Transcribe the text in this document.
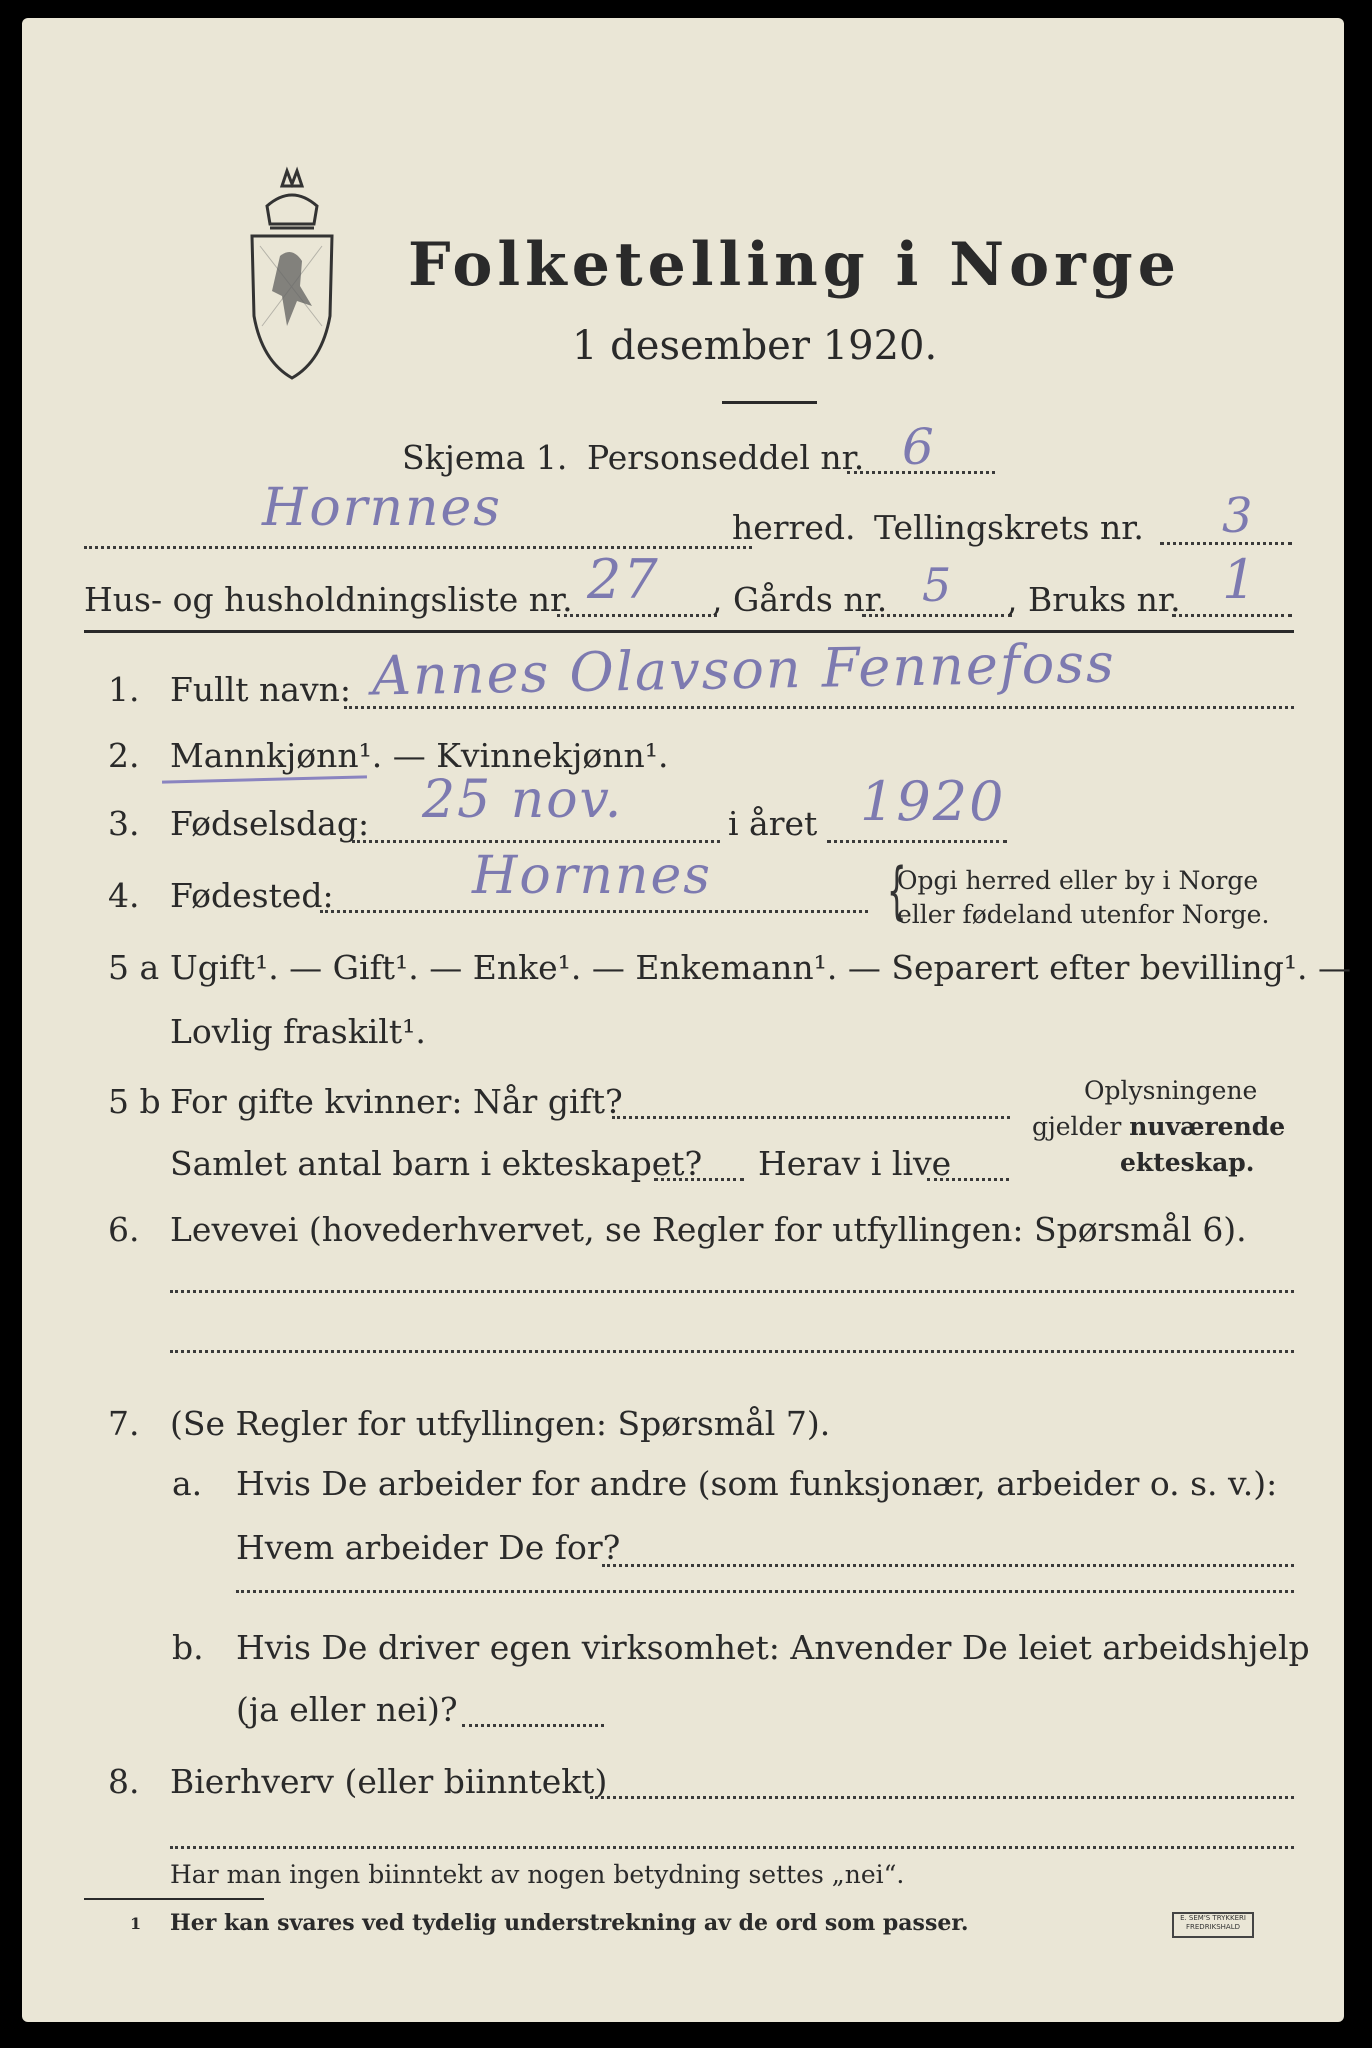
Folketelling i Norge
1 desember 1920.
Skjema 1. Personseddel nr. 6
Hornnes	herred. Tellingskrets nr. 3
Hus- og husholdningsliste nr. 27 , Gårds nr. 5 , Bruks nr. 1
1. Fullt navn: Annes Olavson Fennefoss
2. Mannkjønn¹. — Kvinnekjønn¹.
3. Fødselsdag: 25 nov.	i året 1920
4. Fødested:	Hornnes	{
Opgi herred eller by i Norge
eller fødeland utenfor Norge.
5 a Ugift¹. — Gift¹. — Enke¹. — Enkemann¹. — Separert efter bevilling¹. —
Lovlig fraskilt¹.
5 b For gifte kvinner: Når gift?
Samlet antal barn i ekteskapet? Herav i live
Oplysningene
gjelder nuværende
ekteskap.
6. Levevei (hovederhvervet, se Regler for utfyllingen: Spørsmål 6).
7. (Se Regler for utfyllingen: Spørsmål 7).
a. Hvis De arbeider for andre (som funksjonær, arbeider o. s. v.):
Hvem arbeider De for?
b. Hvis De driver egen virksomhet: Anvender De leiet arbeidshjelp
(ja eller nei)?
8. Bierhverv (eller biinntekt)
Har man ingen biinntekt av nogen betydning settes „nei“.
1 Her kan svares ved tydelig understrekning av de ord som passer.	E. SEM'S TRYKKERI
FREDRIKSHALD
